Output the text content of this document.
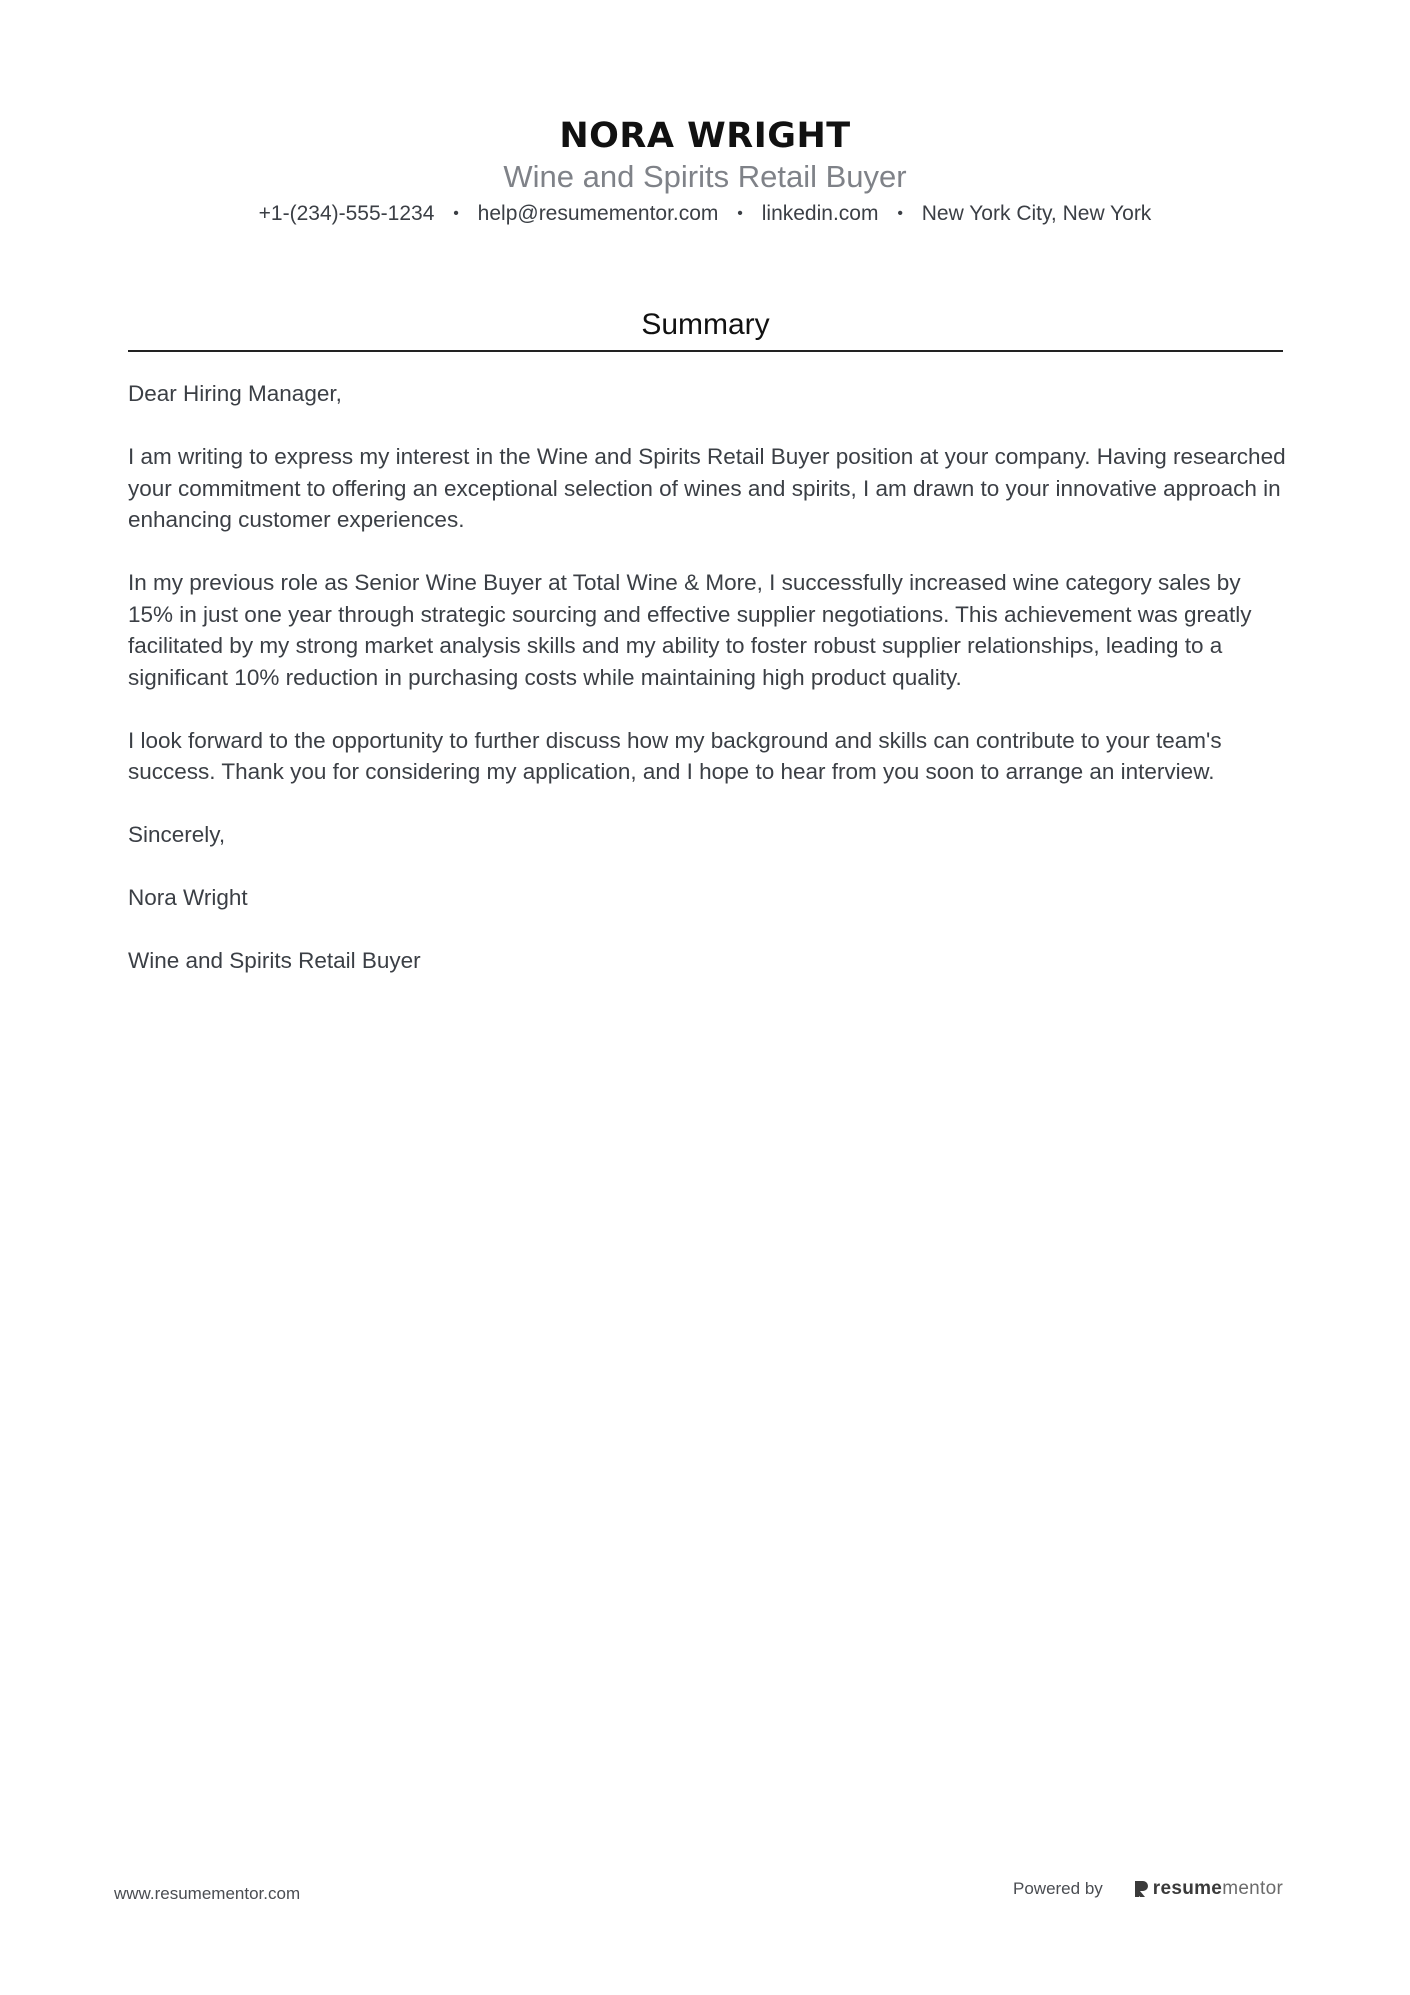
NORA WRIGHT
Wine and Spirits Retail Buyer
+1-(234)-555-1234 • help@resumementor.com • linkedin.com • New York City, New York
Summary

Dear Hiring Manager,

I am writing to express my interest in the Wine and Spirits Retail Buyer position at your company. Having researched your commitment to offering an exceptional selection of wines and spirits, I am drawn to your innovative approach in enhancing customer experiences.

In my previous role as Senior Wine Buyer at Total Wine & More, I successfully increased wine category sales by 15% in just one year through strategic sourcing and effective supplier negotiations. This achievement was greatly facilitated by my strong market analysis skills and my ability to foster robust supplier relationships, leading to a significant 10% reduction in purchasing costs while maintaining high product quality.

I look forward to the opportunity to further discuss how my background and skills can contribute to your team's success. Thank you for considering my application, and I hope to hear from you soon to arrange an interview.

Sincerely,

Nora Wright

Wine and Spirits Retail Buyer

www.resumementor.com	Powered by	resume mentor
